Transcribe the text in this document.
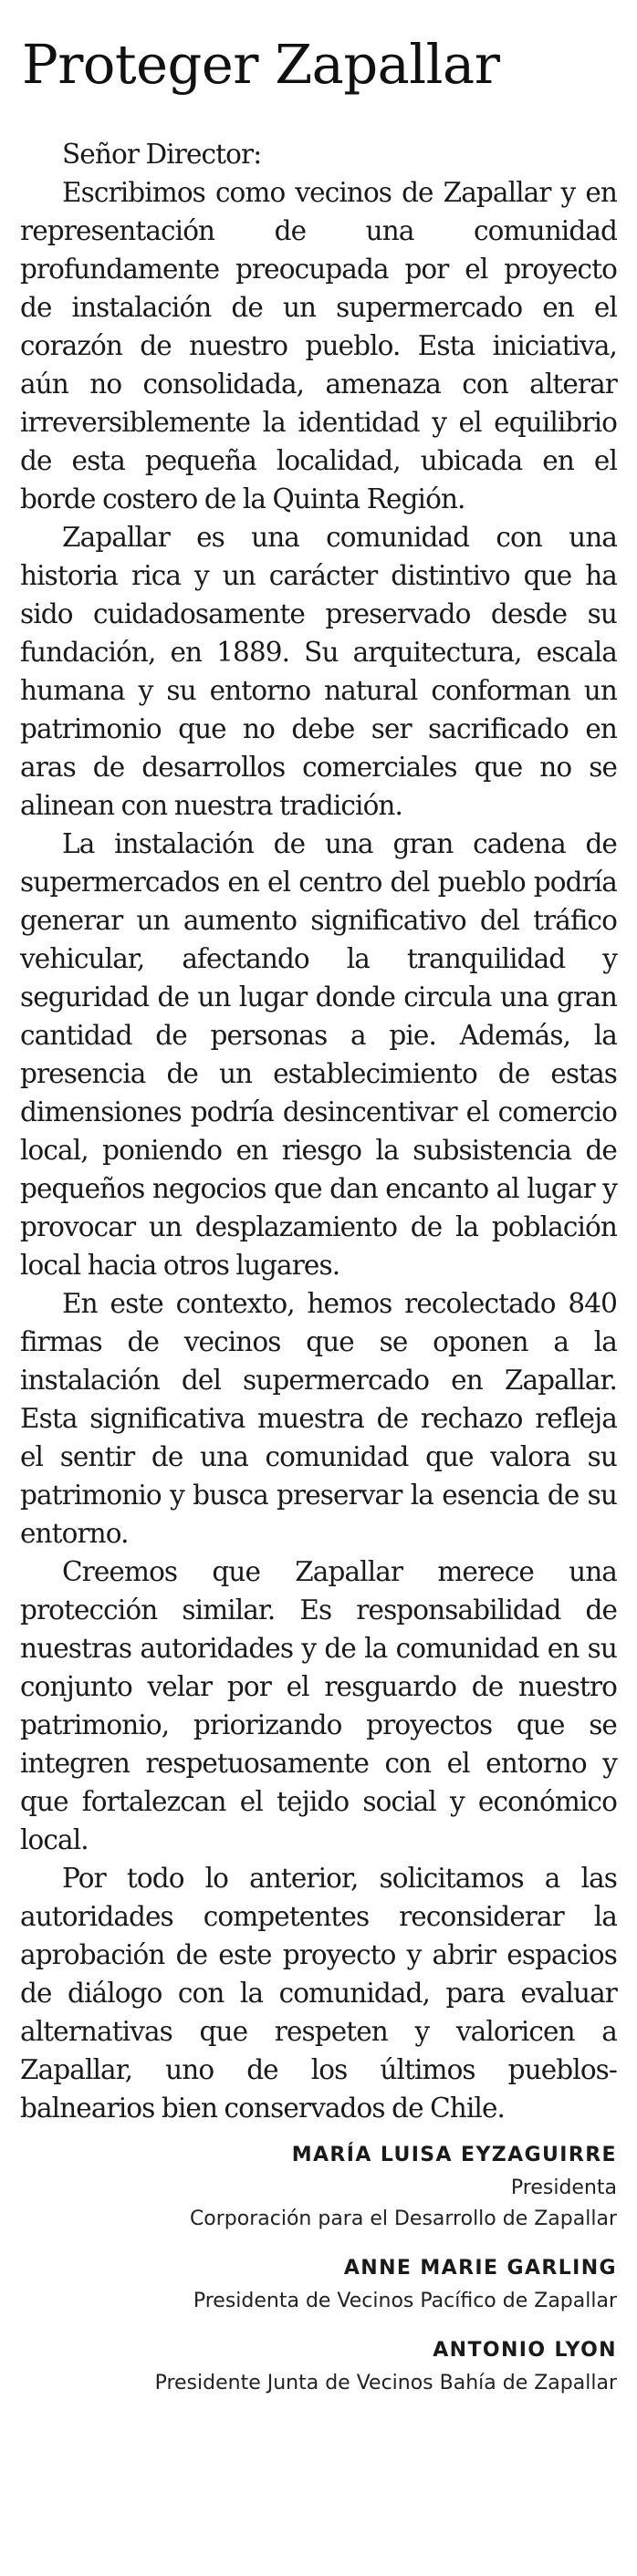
Proteger Zapallar

Señor Director:

Escribimos como vecinos de Zapallar y en representación de una comunidad profundamente preocupada por el proyecto de instalación de un supermercado en el corazón de nuestro pueblo. Esta iniciativa, aún no consolidada, amenaza con alterar irreversiblemente la identidad y el equilibrio de esta pequeña localidad, ubicada en el borde costero de la Quinta Región.

Zapallar es una comunidad con una historia rica y un carácter distintivo que ha sido cuidadosamente preservado desde su fundación, en 1889. Su arquitectura, escala humana y su entorno natural conforman un patrimonio que no debe ser sacrificado en aras de desarrollos comerciales que no se alinean con nuestra tradición.

La instalación de una gran cadena de supermercados en el centro del pueblo podría generar un aumento significativo del tráfico vehicular, afectando la tranquilidad y seguridad de un lugar donde circula una gran cantidad de personas a pie. Además, la presencia de un establecimiento de estas dimensiones podría desincentivar el comercio local, poniendo en riesgo la subsistencia de pequeños negocios que dan encanto al lugar y provocar un desplazamiento de la población local hacia otros lugares.

En este contexto, hemos recolectado 840 firmas de vecinos que se oponen a la instalación del supermercado en Zapallar. Esta significativa muestra de rechazo refleja el sentir de una comunidad que valora su patrimonio y busca preservar la esencia de su entorno.

Creemos que Zapallar merece una protección similar. Es responsabilidad de nuestras autoridades y de la comunidad en su conjunto velar por el resguardo de nuestro patrimonio, priorizando proyectos que se integren respetuosamente con el entorno y que fortalezcan el tejido social y económico local.

Por todo lo anterior, solicitamos a las autoridades competentes reconsiderar la aprobación de este proyecto y abrir espacios de diálogo con la comunidad, para evaluar alternativas que respeten y valoricen a Zapallar, uno de los últimos pueblos-balnearios bien conservados de Chile.

MARÍA LUISA EYZAGUIRRE
Presidenta
Corporación para el Desarrollo de Zapallar
ANNE MARIE GARLING
Presidenta de Vecinos Pacífico de Zapallar
ANTONIO LYON
Presidente Junta de Vecinos Bahía de Zapallar
